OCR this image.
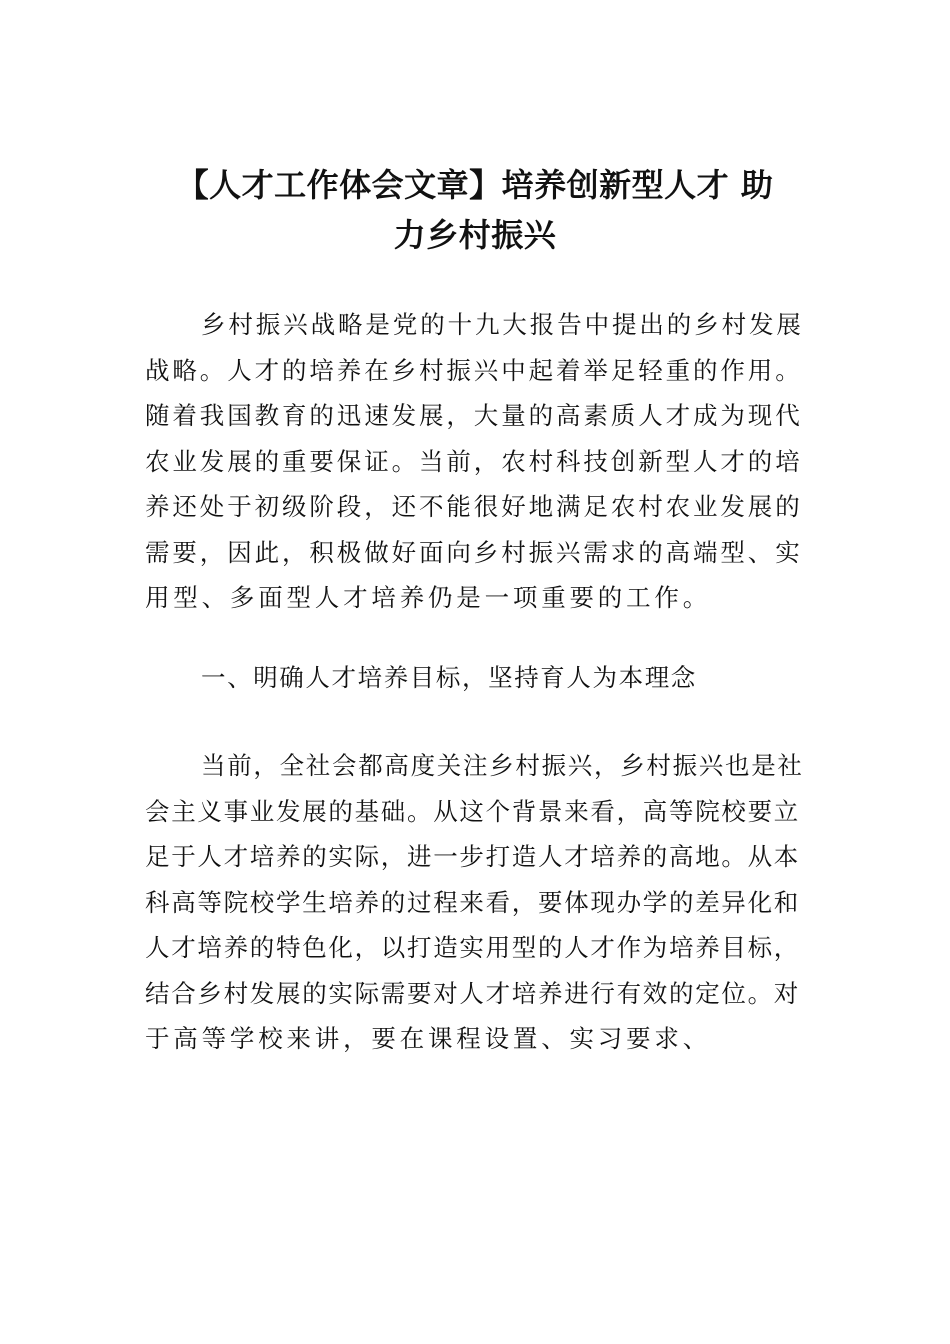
【人才工作体会文章】培养创新型人才 助
力乡村振兴
乡村振兴战略是党的十九大报告中提出的乡村发展
战略。人才的培养在乡村振兴中起着举足轻重的作用。
随着我国教育的迅速发展，大量的高素质人才成为现代
农业发展的重要保证。当前，农村科技创新型人才的培
养还处于初级阶段，还不能很好地满足农村农业发展的
需要，因此，积极做好面向乡村振兴需求的高端型、实
用型、多面型人才培养仍是一项重要的工作。
一、明确人才培养目标，坚持育人为本理念
当前，全社会都高度关注乡村振兴，乡村振兴也是社
会主义事业发展的基础。从这个背景来看，高等院校要立
足于人才培养的实际，进一步打造人才培养的高地。从本
科高等院校学生培养的过程来看，要体现办学的差异化和
人才培养的特色化，以打造实用型的人才作为培养目标，
结合乡村发展的实际需要对人才培养进行有效的定位。对
于高等学校来讲，要在课程设置、实习要求、
